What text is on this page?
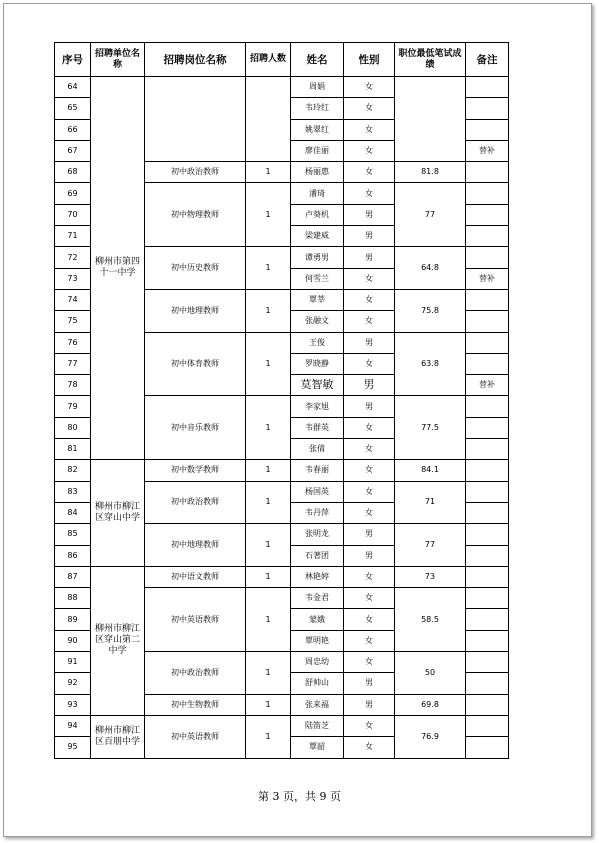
序号	招聘单位名称	招聘岗位名称	招聘人数	姓名	性别	职位最低笔试成绩	备注
64	柳州市第四十一中学			周娟	女		
65				韦玲红	女		
66				姚翠红	女		
67				廖佳丽	女		替补
68		初中政治教师	1	杨丽惠	女	81.8	
69		初中物理教师	1	潘琦	女	77	
70				卢葵机	男		
71				梁建威	男		
72		初中历史教师	1	谭勇男	男	64.8	
73				何雪兰	女		替补
74		初中地理教师	1	覃莘	女	75.8	
75				张融文	女		
76		初中体育教师	1	王俊	男	63.8	
77				罗晓静	女		
78				莫智敏	男		替补
79		初中音乐教师	1	李家旭	男	77.5	
80				韦群英	女		
81				张倩	女		
82	柳州市柳江区穿山中学	初中数学教师	1	韦春丽	女	84.1	
83		初中政治教师	1	杨国英	女	71	
84				韦丹萍	女		
85		初中地理教师	1	张明龙	男	77	
86				石著团	男		
87	柳州市柳江区穿山第二中学	初中语文教师	1	林艳婷	女	73	
88		初中英语教师	1	韦金君	女	58.5	
89				蒙娥	女		
90				覃明艳	女		
91		初中政治教师	1	周忠幼	女	50	
92				舒帅山	男		
93		初中生物教师	1	张来福	男	69.8	
94	柳州市柳江区百朋中学	初中英语教师	1	陆笛芝	女	76.9	
95				覃韶	女		
第 3 页，共 9 页
